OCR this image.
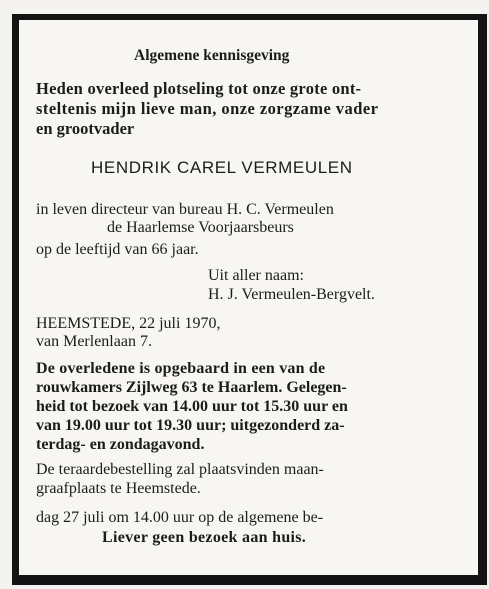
Algemene kennisgeving
Heden overleed plotseling tot onze grote ont-
steltenis mijn lieve man, onze zorgzame vader
en grootvader
HENDRIK CAREL VERMEULEN
in leven directeur van bureau H. C. Vermeulen
de Haarlemse Voorjaarsbeurs
op de leeftijd van 66 jaar.
Uit aller naam:
H. J. Vermeulen-Bergvelt.
HEEMSTEDE, 22 juli 1970,
van Merlenlaan 7.
De overledene is opgebaard in een van de
rouwkamers Zijlweg 63 te Haarlem. Gelegen-
heid tot bezoek van 14.00 uur tot 15.30 uur en
van 19.00 uur tot 19.30 uur; uitgezonderd za-
terdag- en zondagavond.
De teraardebestelling zal plaatsvinden maan-
graafplaats te Heemstede.
dag 27 juli om 14.00 uur op de algemene be-
Liever geen bezoek aan huis.
